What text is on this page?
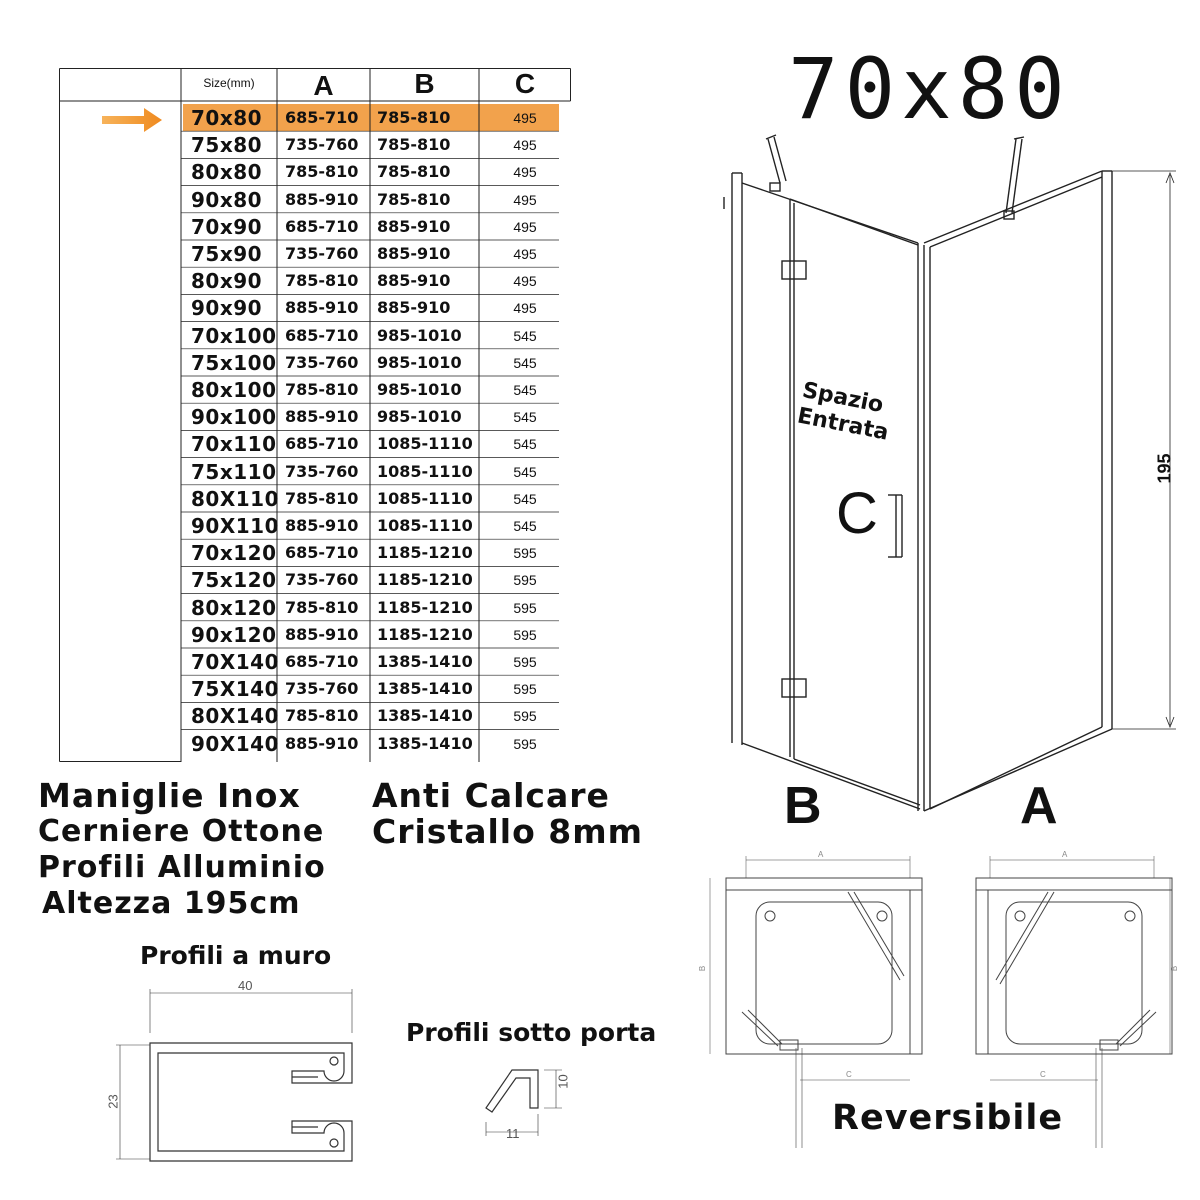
Size(mm)	A	B	C
70x80 685-710 785-810	495
75x80 735-760 785-810	495
80x80 785-810 785-810	495
90x80 885-910 785-810	495
70x90 685-710 885-910	495
75x90 735-760 885-910	495
80x90 785-810 885-910	495
90x90 885-910 885-910	495
70x100 685-710 985-1010	545
75x100 735-760 985-1010	545
80x100 785-810 985-1010	545
90x100 885-910 985-1010	545
70x110 685-710 1085-1110	545
75x110 735-760 1085-1110	545
80X110 785-810 1085-1110	545
90X110 885-910 1085-1110	545
70x120 685-710 1185-1210	595
75x120 735-760 1185-1210	595
80x120 785-810 1185-1210	595
90x120 885-910 1185-1210	595
70X140 685-710 1385-1410	595
75X140 735-760 1385-1410	595
80X140 785-810 1385-1410	595
90X140 885-910 1385-1410	595
70x80
Spazio
Entrata
C
195
B	A
Maniglie Inox
Cerniere Ottone
Profili Alluminio
Altezza 195cm
Anti Calcare
Cristallo 8mm
Profili a muro
40
23
Profili sotto porta
11
10
A	A
B	B
C	C
Reversibile
